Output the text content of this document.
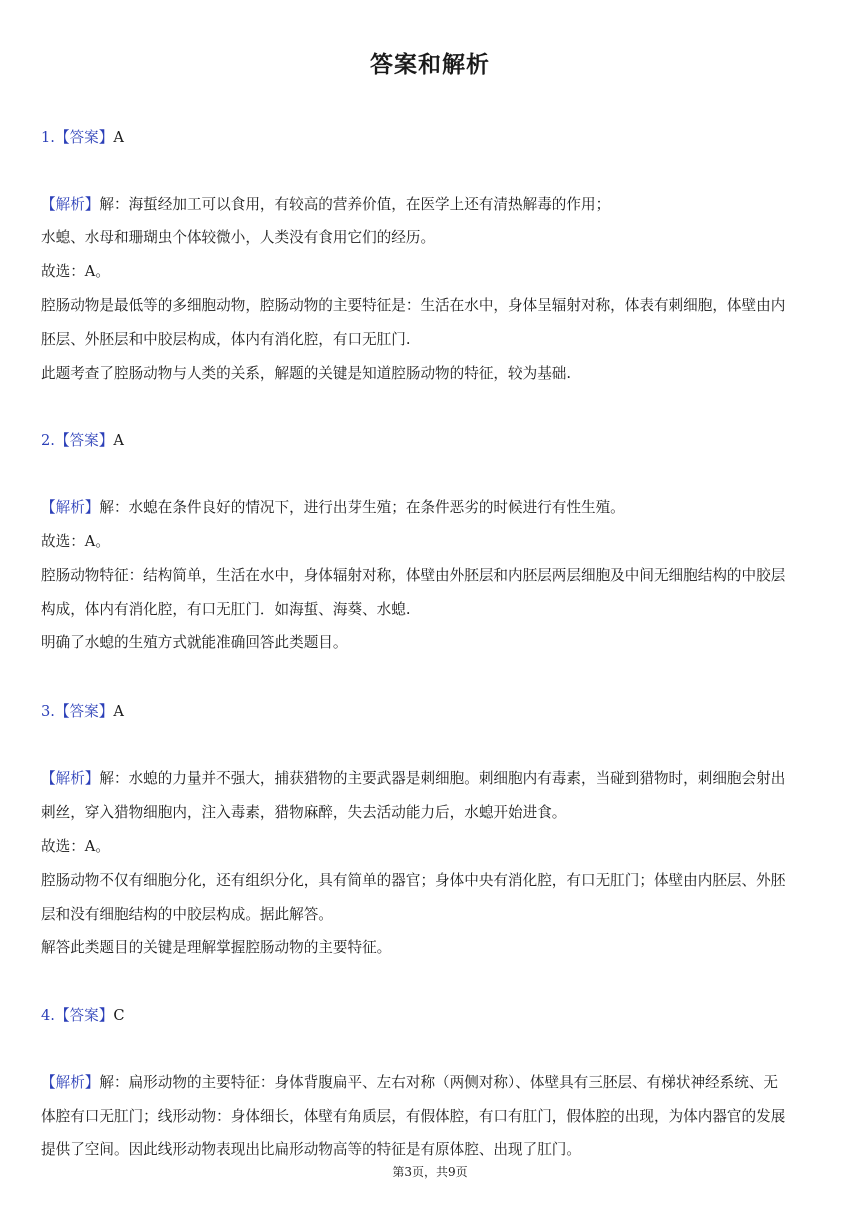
答案和解析
1.【答案】A
【解析】解：海蜇经加工可以食用，有较高的营养价值，在医学上还有清热解毒的作用；
水螅、水母和珊瑚虫个体较微小，人类没有食用它们的经历。
故选：A。
腔肠动物是最低等的多细胞动物，腔肠动物的主要特征是：生活在水中，身体呈辐射对称，体表有刺细胞，体壁由内
胚层、外胚层和中胶层构成，体内有消化腔，有口无肛门.
此题考查了腔肠动物与人类的关系，解题的关键是知道腔肠动物的特征，较为基础.
2.【答案】A
【解析】解：水螅在条件良好的情况下，进行出芽生殖；在条件恶劣的时候进行有性生殖。
故选：A。
腔肠动物特征：结构简单，生活在水中，身体辐射对称，体壁由外胚层和内胚层两层细胞及中间无细胞结构的中胶层
构成，体内有消化腔，有口无肛门．如海蜇、海葵、水螅.
明确了水螅的生殖方式就能准确回答此类题目。
3.【答案】A
【解析】解：水螅的力量并不强大，捕获猎物的主要武器是刺细胞。刺细胞内有毒素，当碰到猎物时，刺细胞会射出
刺丝，穿入猎物细胞内，注入毒素，猎物麻醉，失去活动能力后，水螅开始进食。
故选：A。
腔肠动物不仅有细胞分化，还有组织分化，具有简单的器官；身体中央有消化腔，有口无肛门；体壁由内胚层、外胚
层和没有细胞结构的中胶层构成。据此解答。
解答此类题目的关键是理解掌握腔肠动物的主要特征。
4.【答案】C
【解析】解：扁形动物的主要特征：身体背腹扁平、左右对称（两侧对称）、体壁具有三胚层、有梯状神经系统、无
体腔有口无肛门；线形动物：身体细长，体壁有角质层，有假体腔，有口有肛门，假体腔的出现，为体内器官的发展
提供了空间。因此线形动物表现出比扁形动物高等的特征是有原体腔、出现了肛门。
第3页，共9页
